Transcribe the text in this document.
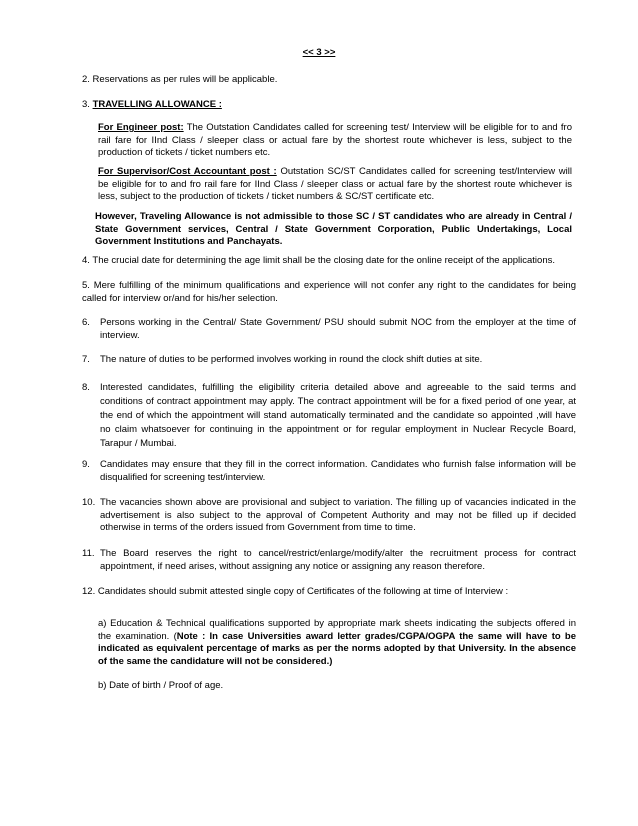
<< 3 >>
2. Reservations as per rules will be applicable.
3. TRAVELLING ALLOWANCE :
For Engineer post: The Outstation Candidates called for screening test/ Interview will be eligible for to and fro rail fare for IInd Class / sleeper class or actual fare by the shortest route whichever is less, subject to the production of tickets / ticket numbers etc.
For Supervisor/Cost Accountant post : Outstation SC/ST Candidates called for screening test/Interview will be eligible for to and fro rail fare for IInd Class / sleeper class or actual fare by the shortest route whichever is less, subject to the production of tickets / ticket numbers & SC/ST certificate etc.
However, Traveling Allowance is not admissible to those SC / ST candidates who are already in Central / State Government services, Central / State Government Corporation, Public Undertakings, Local Government Institutions and Panchayats.
4. The crucial date for determining the age limit shall be the closing date for the online receipt of the applications.
5. Mere fulfilling of the minimum qualifications and experience will not confer any right to the candidates for being called for interview or/and for his/her selection.
6.	Persons working in the Central/ State Government/ PSU should submit NOC from the employer at the time of interview.
7.	The nature of duties to be performed involves working in round the clock shift duties at site.
8.	Interested candidates, fulfilling the eligibility criteria detailed above and agreeable to the said terms and conditions of contract appointment may apply. The contract appointment will be for a fixed period of one year, at the end of which the appointment will stand automatically terminated and the candidate so appointed ,will have no claim whatsoever for continuing in the appointment or for regular employment in Nuclear Recycle Board, Tarapur / Mumbai.
9.	Candidates may ensure that they fill in the correct information. Candidates who furnish false information will be disqualified for screening test/interview.
10. The vacancies shown above are provisional and subject to variation. The filling up of vacancies indicated in the advertisement is also subject to the approval of Competent Authority and may not be filled up if decided otherwise in terms of the orders issued from Government from time to time.
11. The Board reserves the right to cancel/restrict/enlarge/modify/alter the recruitment process for contract appointment, if need arises, without assigning any notice or assigning any reason therefore.
12. Candidates should submit attested single copy of Certificates of the following at time of Interview :
a) Education & Technical qualifications supported by appropriate mark sheets indicating the subjects offered in the examination. (Note : In case Universities award letter grades/CGPA/OGPA the same will have to be indicated as equivalent percentage of marks as per the norms adopted by that University. In the absence of the same the candidature will not be considered.)
b) Date of birth / Proof of age.
